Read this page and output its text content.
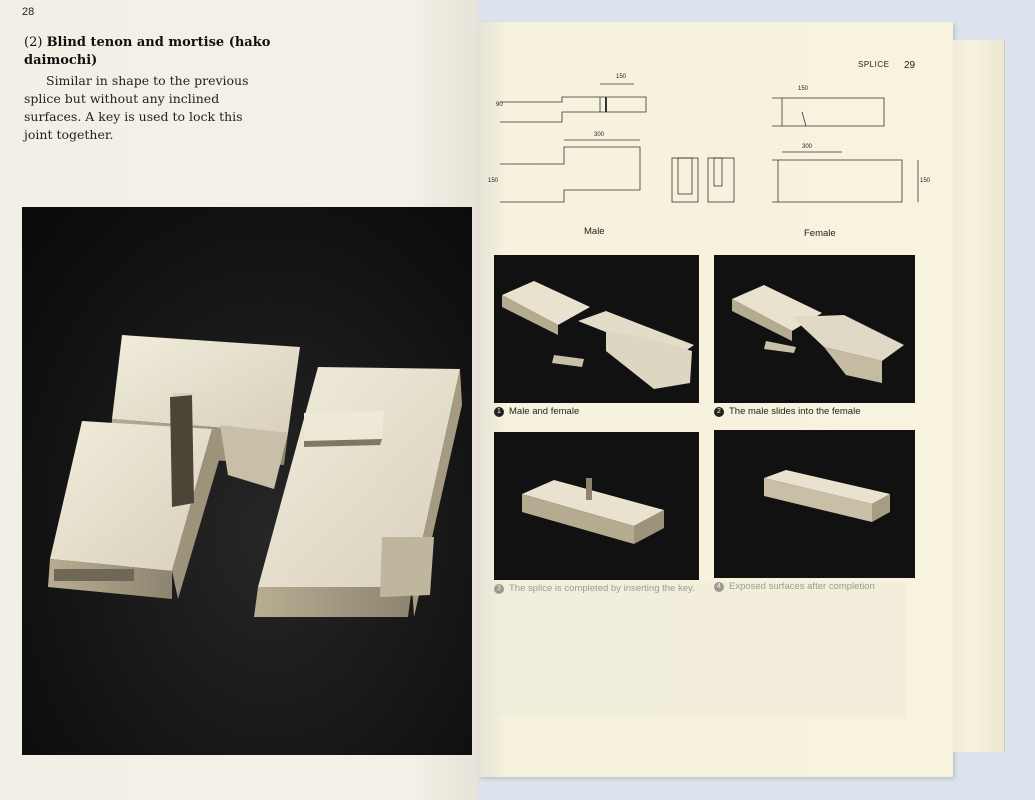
28
(2) Blind tenon and mortise (hako daimochi)
Similar in shape to the previous splice but without any inclined surfaces. A key is used to lock this joint together.
SPLICE 29
90
150
150
300
300
150	150
Male	Female
1 Male and female	2 The male slides into the female
